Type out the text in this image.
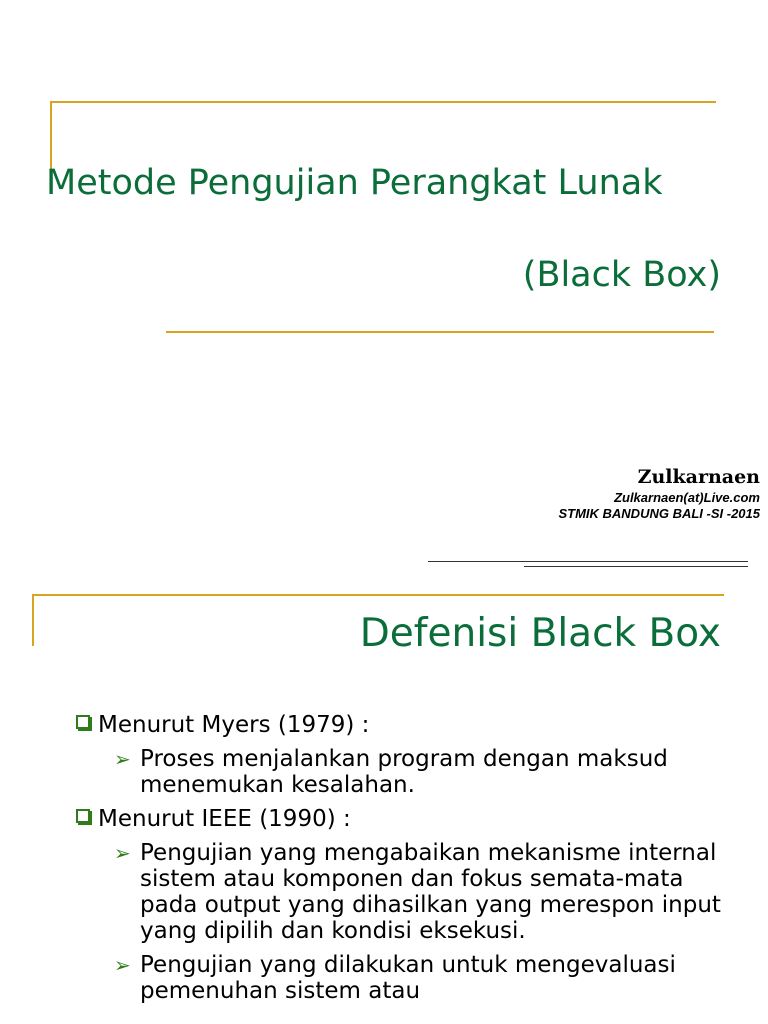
Metode Pengujian Perangkat Lunak
(Black Box)
Zulkarnaen
Zulkarnaen(at)Live.com
STMIK BANDUNG BALI -SI -2015
Defenisi Black Box
Menurut Myers (1979) :
➢ Proses menjalankan program dengan maksud menemukan kesalahan.
Menurut IEEE (1990) :
➢ Pengujian yang mengabaikan mekanisme internal sistem atau komponen dan fokus semata-mata pada output yang dihasilkan yang merespon input yang dipilih dan kondisi eksekusi.
➢ Pengujian yang dilakukan untuk mengevaluasi pemenuhan sistem atau
